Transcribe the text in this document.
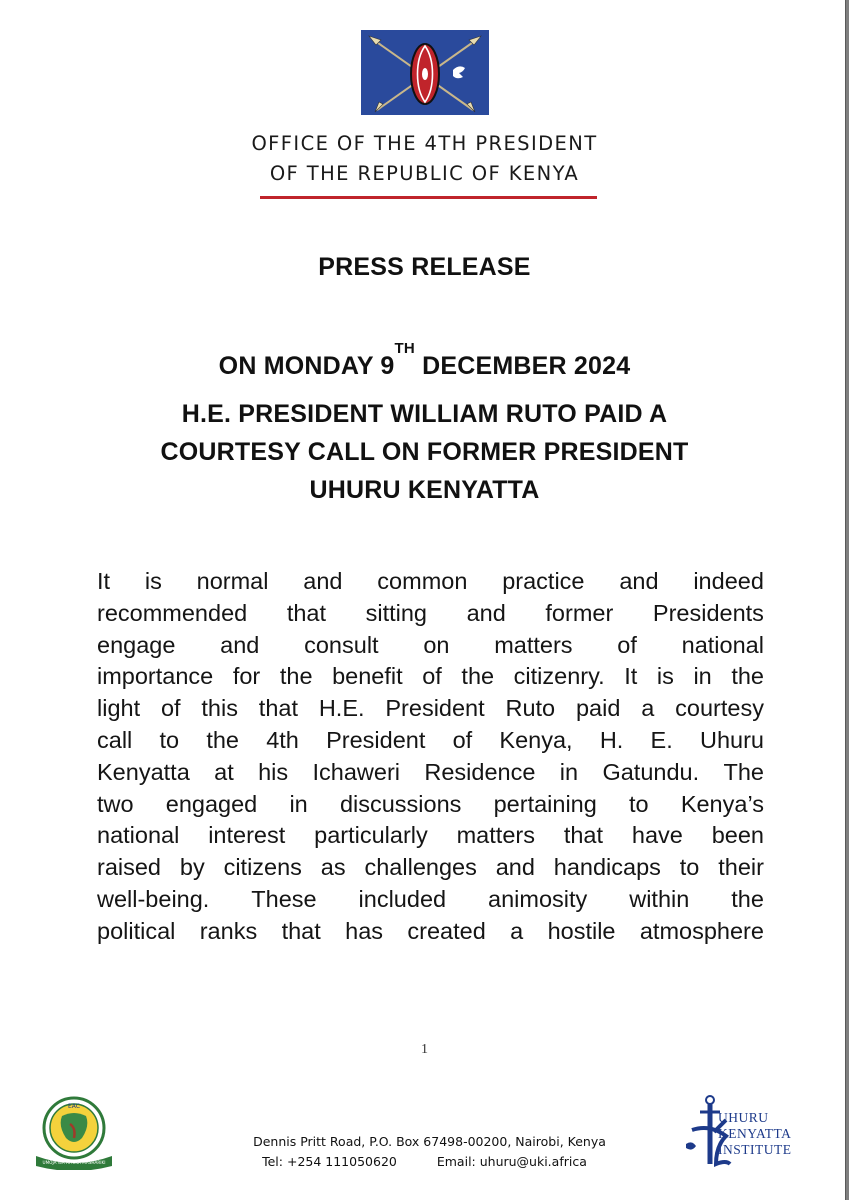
OFFICE OF THE 4TH PRESIDENT
OF THE REPUBLIC OF KENYA
PRESS RELEASE
ON MONDAY 9TH DECEMBER 2024
H.E. PRESIDENT WILLIAM RUTO PAID A
COURTESY CALL ON FORMER PRESIDENT
UHURU KENYATTA
It is normal and common practice and indeed
recommended that sitting and former Presidents
engage and consult on matters of national
importance for the benefit of the citizenry. It is in the
light of this that H.E. President Ruto paid a courtesy
call to the 4th President of Kenya, H. E. Uhuru
Kenyatta at his Ichaweri Residence in Gatundu. The
two engaged in discussions pertaining to Kenya’s
national interest particularly matters that have been
raised by citizens as challenges and handicaps to their
well-being. These included animosity within the
political ranks that has created a hostile atmosphere
1
EAC
UMOJA WA AFRIKA MASHARIKI
Dennis Pritt Road, P.O. Box 67498-00200, Nairobi, Kenya
Tel: +254 111050620	Email: uhuru@uki.africa
UHURU
KENYATTA
INSTITUTE
